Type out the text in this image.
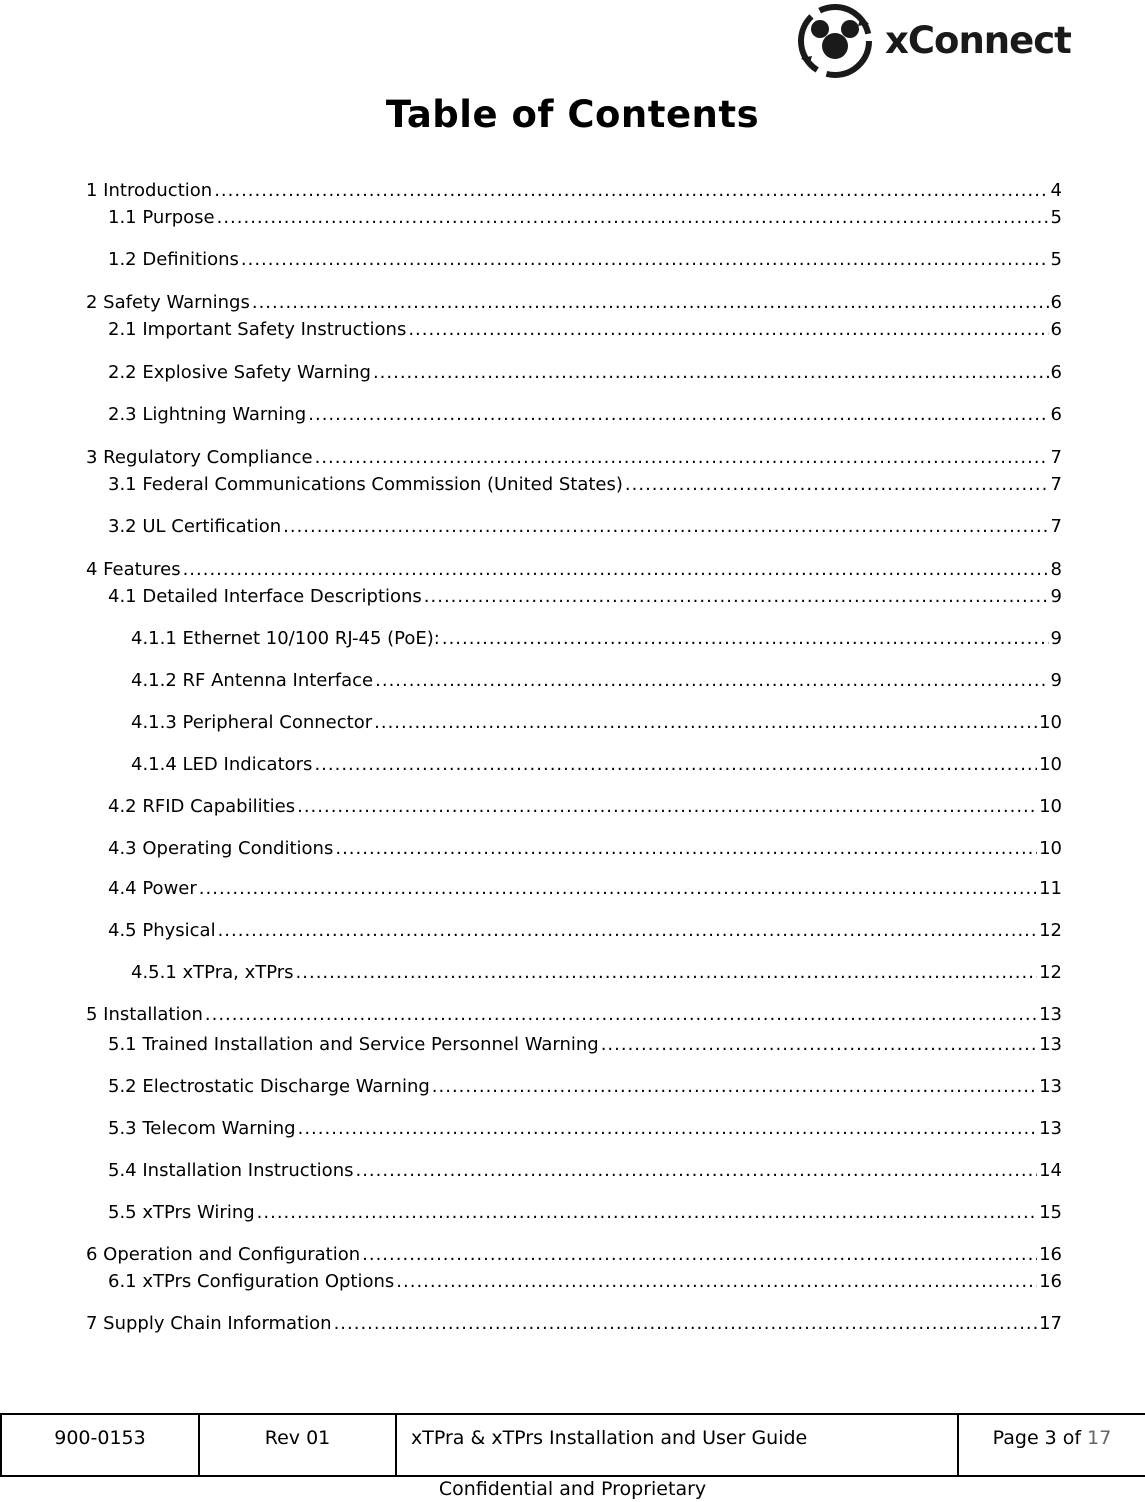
xConnect
Table of Contents
1 Introduction .....	4
1.1 Purpose .....	5
1.2 Definitions .....	5
2 Safety Warnings .....	6
2.1 Important Safety Instructions .....	6
2.2 Explosive Safety Warning .....	6
2.3 Lightning Warning .....	6
3 Regulatory Compliance .....	7
3.1 Federal Communications Commission (United States) .....	7
3.2 UL Certification .....	7
4 Features .....	8
4.1 Detailed Interface Descriptions .....	9
4.1.1 Ethernet 10/100 RJ-45 (PoE): .....	9
4.1.2 RF Antenna Interface .....	9
4.1.3 Peripheral Connector .....	10
4.1.4 LED Indicators .....	10
4.2 RFID Capabilities .....	10
4.3 Operating Conditions .....	10
4.4 Power .....	11
4.5 Physical .....	12
4.5.1 xTPra, xTPrs .....	12
5 Installation .....	13
5.1 Trained Installation and Service Personnel Warning .....	13
5.2 Electrostatic Discharge Warning .....	13
5.3 Telecom Warning .....	13
5.4 Installation Instructions .....	14
5.5 xTPrs Wiring .....	15
6 Operation and Configuration .....	16
6.1 xTPrs Configuration Options .....	16
7 Supply Chain Information .....	17
900-0153	Rev 01	xTPra & xTPrs Installation and User Guide	Page 3 of 17
Confidential and Proprietary
